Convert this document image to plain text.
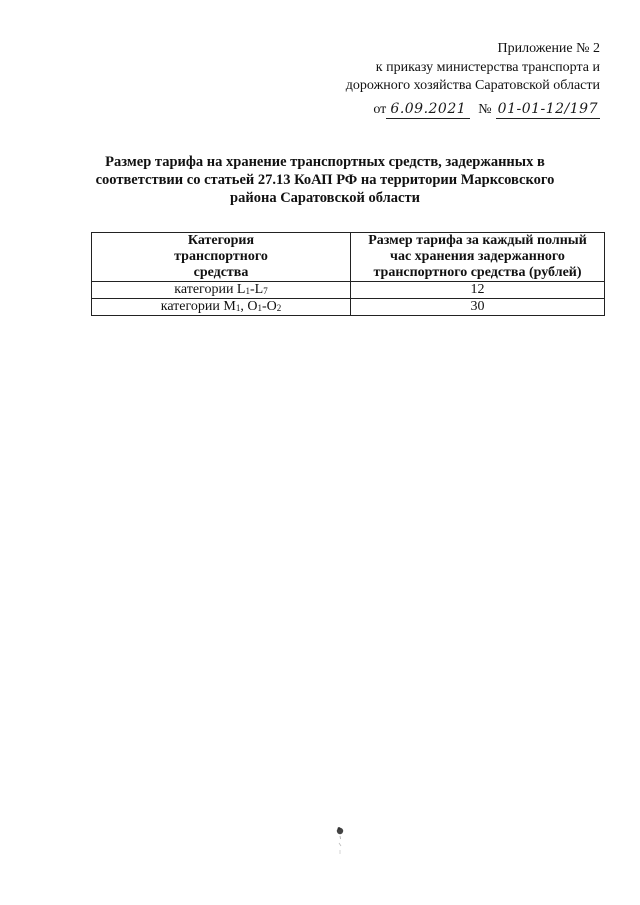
Приложение № 2
к приказу министерства транспорта и
дорожного хозяйства Саратовской области
от 6.09.2021 № 01-01-12/197
Размер тарифа на хранение транспортных средств, задержанных в
соответствии со статьей 27.13 КоАП РФ на территории Марксовского
района Саратовской области
Категория
транспортного
средства	Размер тарифа за каждый полный
час хранения задержанного
транспортного средства (рублей)
категории $L_1-L_7$	12
категории $M_1$, $O_1-O_2$	30
